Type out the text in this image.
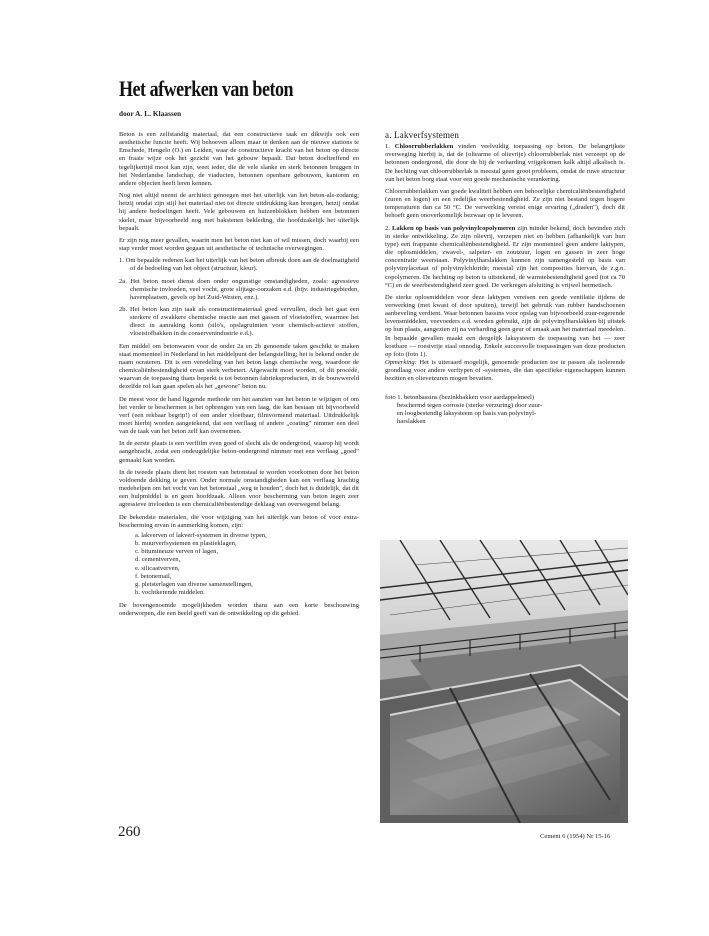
Het afwerken van beton
door A. L. Klaassen

Beton is een zelfstandig materiaal, dat een constructieve taak en dikwijls ook een aesthetische functie heeft. Wij behoeven alleen maar te denken aan de nieuwe stations te Enschede, Hengelo (O.) en Leiden, waar de constructieve kracht van het beton op directe en fraaie wijze ook het gezicht van het gebouw bepaalt. Dat beton doeltreffend en tegelijkertijd mooi kan zijn, weet ieder, die de vele slanke en sterk betonnen bruggen in het Nederlandse landschap, de viaducten, betonnen openbare gebouwen, kantoren en andere objecten heeft leren kennen.

Nog niet altijd neemt de architect genoegen met het uiterlijk van het beton-als-zodanig; hetzij omdat zijn stijl het materiaal niet tot directe uitdrukking kan brengen, hetzij omdat hij andere bedoelingen heeft. Vele gebouwen en huizenblokken hebben een betonnen skelet, maar bijvoorbeeld nog met bakstenen bekleding, die hoofdzakelijk het uiterlijk bepaalt.

Er zijn nog meer gevallen, waarin men het beton niet kan of wil missen, doch waarbij een stap verder moet worden gegaan uit aesthetische of technische overwegingen.

1. Om bepaalde redenen kan het uiterlijk van het beton afbreuk doen aan de doelmatigheid of de bedoeling van het object (structuur, kleur).
2a. Het beton moet dienst doen onder ongunstige omstandigheden, zoals: agressieve chemische invloeden, veel vocht, grote slijtage-oorzaken e.d. (bijv. industriegebieden, havenplaatsen, gevels op het Zuid-Westen, enz.).
2b. Het beton kan zijn taak als constructiemateriaal goed vervullen, doch het gaat een sterkere of zwakkere chemische reactie aan met gassen of vloeistoffen, waarmee het direct in aanraking komt (silo's, opslagruimten voor chemisch-actieve stoffen, vloeistofbakken in de conservenindustrie e.d.).

Een middel om betonwaren voor de onder 2a en 2b genoemde taken geschikt te maken staat momenteel in Nederland in het middelpunt der belangstelling; het is bekend onder de naam ocrateren. Dit is een veredeling van het beton langs chemische weg, waardoor de chemicaliënbestendigheid ervan sterk verbetert. Afgewacht moet worden, of dit procédé, waarvan de toepassing thans beperkt is tot betonnen fabrieksproducten, in de bouwwereld dezelfde rol kan gaan spelen als het „gewone" beton nu.

De meest voor de hand liggende methode om het aanzien van het beton te wijzigen of om het verder te beschermen is het opbrengen van een laag, die kan bestaan uit bijvoorbeeld verf (een rekbaar begrip!) of een ander vloeibaar, filmvormend materiaal. Uitdrukkelijk moet hierbij worden aangetekend, dat een verflaag of andere „coating" nimmer een deel van de taak van het beton zelf kan overnemen.

In de eerste plaats is een verffilm even goed of slecht als de ondergrond, waarop hij wordt aangebracht, zodat een ondeugdelijke beton-ondergrond nimmer met een verflaag „goed" gemaakt kan worden.

In de tweede plaats dient het roesten van betonstaal te worden voorkomen door het beton voldoende dekking te geven. Onder normale omstandigheden kan een verflaag krachtig medehelpen om het vocht van het betonstaal „weg te houden", doch het is duidelijk, dat dit een hulpmiddel is en geen hoofdzaak. Alleen voor bescherming van beton tegen zeer agressieve invloeden is een chemicaliënbestendige deklaag van overwegend belang.

De bekendste materialen, die voor wijziging van het uiterlijk van beton of voor extra-bescherming ervan in aanmerking komen, zijn:

a. lakverven of lakverf-systemen in diverse typen,
b. muurverfsystemen en plastieklagen,
c. bitumineuze verven of lagen,
d. cementverven,
e. silicaatverven,
f. betonemail,
g. pleisterlagen van diverse samenstellingen,
h. vochtkerende middelen.

De bovengenoemde mogelijkheden worden thans aan een korte beschouwing onderworpen, die een beeld geeft van de ontwikkeling op dit gebied.

a. Lakverfsystemen

1. Chloorrubberlakken vinden veelvuldig toepassing op beton. De belangrijkste overweging hierbij is, dat de (oliearme of olievrije) chloorrubberlak niet verzeept op de betonnen ondergrond, die door de bij de verharding vrijgekomen kalk altijd alkalisch is. De hechting van chloorrubberlak is meestal geen groot probleem, omdat de ruwe structuur van het beton borg staat voor een goede mechanische verankering.

Chloorrubberlakken van goede kwaliteit hebben een behoorlijke chemicaliënbestendigheid (zuren en logen) en een redelijke weerbestendigheid. Ze zijn niet bestand tegen hogere temperaturen dan ca 50 °C. De verwerking vereist enige ervaring („draden"), doch dit behoeft geen onoverkomelijk bezwaar op te leveren.

2. Lakken op basis van polyvinylcopolymeren zijn minder bekend, doch bevinden zich in sterke ontwikkeling. Ze zijn olievrij, verzepen niet en hebben (afhankelijk van hun type) een frappante chemicaliënbestendigheid. Er zijn momenteel geen andere laktypen, die oplosmiddelen, zwavel-, salpeter- en zoutzuur, logen en gassen in zeer hoge concentratie weerstaan. Polyvinylharslakken kunnen zijn samengesteld op basis van polyvinylacetaat of polyvinylchloride; meestal zijn het composities hiervan, de z.g.n. copolymeren. De hechting op beton is uitstekend, de warmtebestendigheid goed (tot ca 70 °C) en de weerbestendigheid zeer goed. De verkregen afsluiting is vrijwel hermetisch.

De sterke oplosmiddelen voor deze laktypen vereisen een goede ventilatie tijdens de verwerking (met kwast of door spuiten), terwijl het gebruik van rubber handschoenen aanbeveling verdient. Waar betonnen bassins voor opslag van bijvoorbeeld zuur-regerende levensmiddelen, veevoeders e.d. worden gebruikt, zijn de polyvinylharslakken bij uitstek op hun plaats, aangezien zij na verharding geen geur of smaak aan het materiaal meedelen. In bepaalde gevallen maakt een dergelijk laksysteem de toepassing van het — zeer kostbare — roestvrije staal onnodig. Enkele succesvolle toepassingen van deze producten op foto (foto 1).

Opmerking: Het is uiteraard mogelijk, genoemde producten toe te passen als isolerende grondlaag voor andere verftypen of -systemen, die dan specifieke eigenschappen kunnen bezitten en olievetzuren mogen bevatten.

foto 1. betonbassins (bezinkbakken voor aardappelmeel)
beschermd tegen corrosie (sterke verzuring) door zuur-
en loogbestendig laksysteem op basis van polyvinyl-
harslakken
260	Cement 6 (1954) Nr 15-16
